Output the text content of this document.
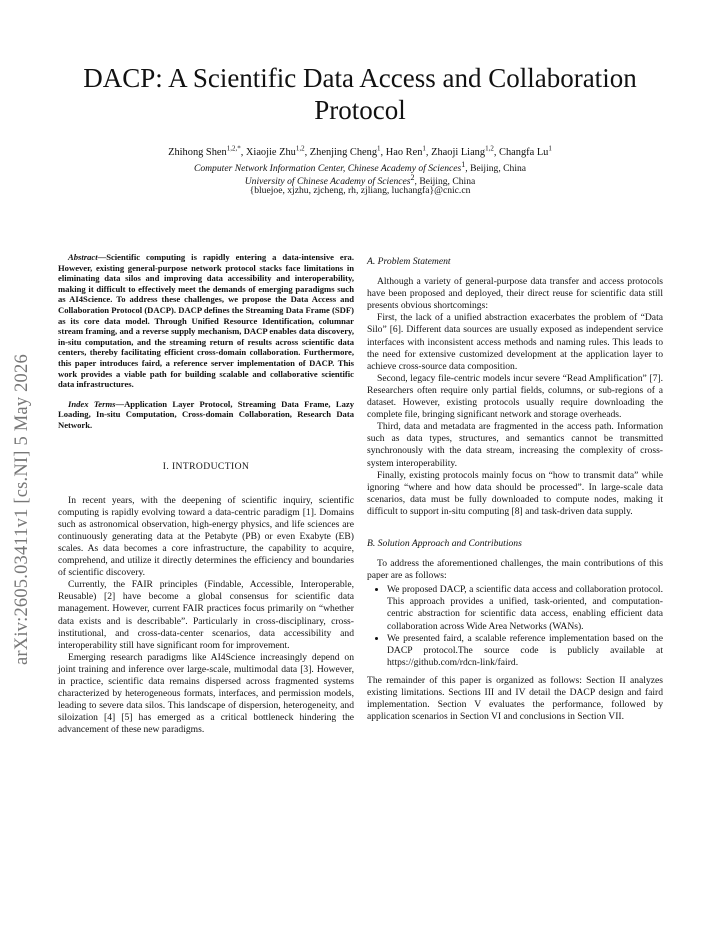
arXiv:2605.03411v1 [cs.NI] 5 May 2026
DACP: A Scientific Data Access and Collaboration
Protocol
Zhihong Shen$^{1,2,*}$, Xiaojie Zhu$^{1,2}$, Zhenjing Cheng$^1$, Hao Ren$^1$, Zhaoji Liang$^{1,2}$, Changfa Lu$^1$
Computer Network Information Center, Chinese Academy of Sciences$^1$, Beijing, China
University of Chinese Academy of Sciences$^2$, Beijing, China
{bluejoe, xjzhu, zjcheng, rh, zjliang, luchangfa}@cnic.cn

Abstract—Scientific computing is rapidly entering a data-intensive era. However, existing general-purpose network protocol stacks face limitations in eliminating data silos and improving data accessibility and interoperability, making it difficult to effectively meet the demands of emerging paradigms such as AI4Science. To address these challenges, we propose the Data Access and Collaboration Protocol (DACP). DACP defines the Streaming Data Frame (SDF) as its core data model. Through Unified Resource Identification, columnar stream framing, and a reverse supply mechanism, DACP enables data discovery, in-situ computation, and the streaming return of results across scientific data centers, thereby facilitating efficient cross-domain collaboration. Furthermore, this paper introduces faird, a reference server implementation of DACP. This work provides a viable path for building scalable and collaborative scientific data infrastructures.

Index Terms—Application Layer Protocol, Streaming Data Frame, Lazy Loading, In-situ Computation, Cross-domain Collaboration, Research Data Network.

I. INTRODUCTION

In recent years, with the deepening of scientific inquiry, scientific computing is rapidly evolving toward a data-centric paradigm [1]. Domains such as astronomical observation, high-energy physics, and life sciences are continuously generating data at the Petabyte (PB) or even Exabyte (EB) scales. As data becomes a core infrastructure, the capability to acquire, comprehend, and utilize it directly determines the efficiency and boundaries of scientific discovery.

Currently, the FAIR principles (Findable, Accessible, Interoperable, Reusable) [2] have become a global consensus for scientific data management. However, current FAIR practices focus primarily on “whether data exists and is describable”. Particularly in cross-disciplinary, cross-institutional, and cross-data-center scenarios, data accessibility and interoperability still have significant room for improvement.

Emerging research paradigms like AI4Science increasingly depend on joint training and inference over large-scale, multimodal data [3]. However, in practice, scientific data remains dispersed across fragmented systems characterized by heterogeneous formats, interfaces, and permission models, leading to severe data silos. This landscape of dispersion, heterogeneity, and siloization [4] [5] has emerged as a critical bottleneck hindering the advancement of these new paradigms.

A. Problem Statement

Although a variety of general-purpose data transfer and access protocols have been proposed and deployed, their direct reuse for scientific data still presents obvious shortcomings:

First, the lack of a unified abstraction exacerbates the problem of “Data Silo” [6]. Different data sources are usually exposed as independent service interfaces with inconsistent access methods and naming rules. This leads to the need for extensive customized development at the application layer to achieve cross-source data composition.

Second, legacy file-centric models incur severe “Read Amplification” [7]. Researchers often require only partial fields, columns, or sub-regions of a dataset. However, existing protocols usually require downloading the complete file, bringing significant network and storage overheads.

Third, data and metadata are fragmented in the access path. Information such as data types, structures, and semantics cannot be transmitted synchronously with the data stream, increasing the complexity of cross-system interoperability.

Finally, existing protocols mainly focus on “how to transmit data” while ignoring “where and how data should be processed”. In large-scale data scenarios, data must be fully downloaded to compute nodes, making it difficult to support in-situ computing [8] and task-driven data supply.

B. Solution Approach and Contributions

To address the aforementioned challenges, the main contributions of this paper are as follows:

• We proposed DACP, a scientific data access and collaboration protocol. This approach provides a unified, task-oriented, and computation-centric abstraction for scientific data access, enabling efficient data collaboration across Wide Area Networks (WANs).
• We presented faird, a scalable reference implementation based on the DACP protocol.The source code is publicly available at https://github.com/rdcn-link/faird.

The remainder of this paper is organized as follows: Section II analyzes existing limitations. Sections III and IV detail the DACP design and faird implementation. Section V evaluates the performance, followed by application scenarios in Section VI and conclusions in Section VII.
